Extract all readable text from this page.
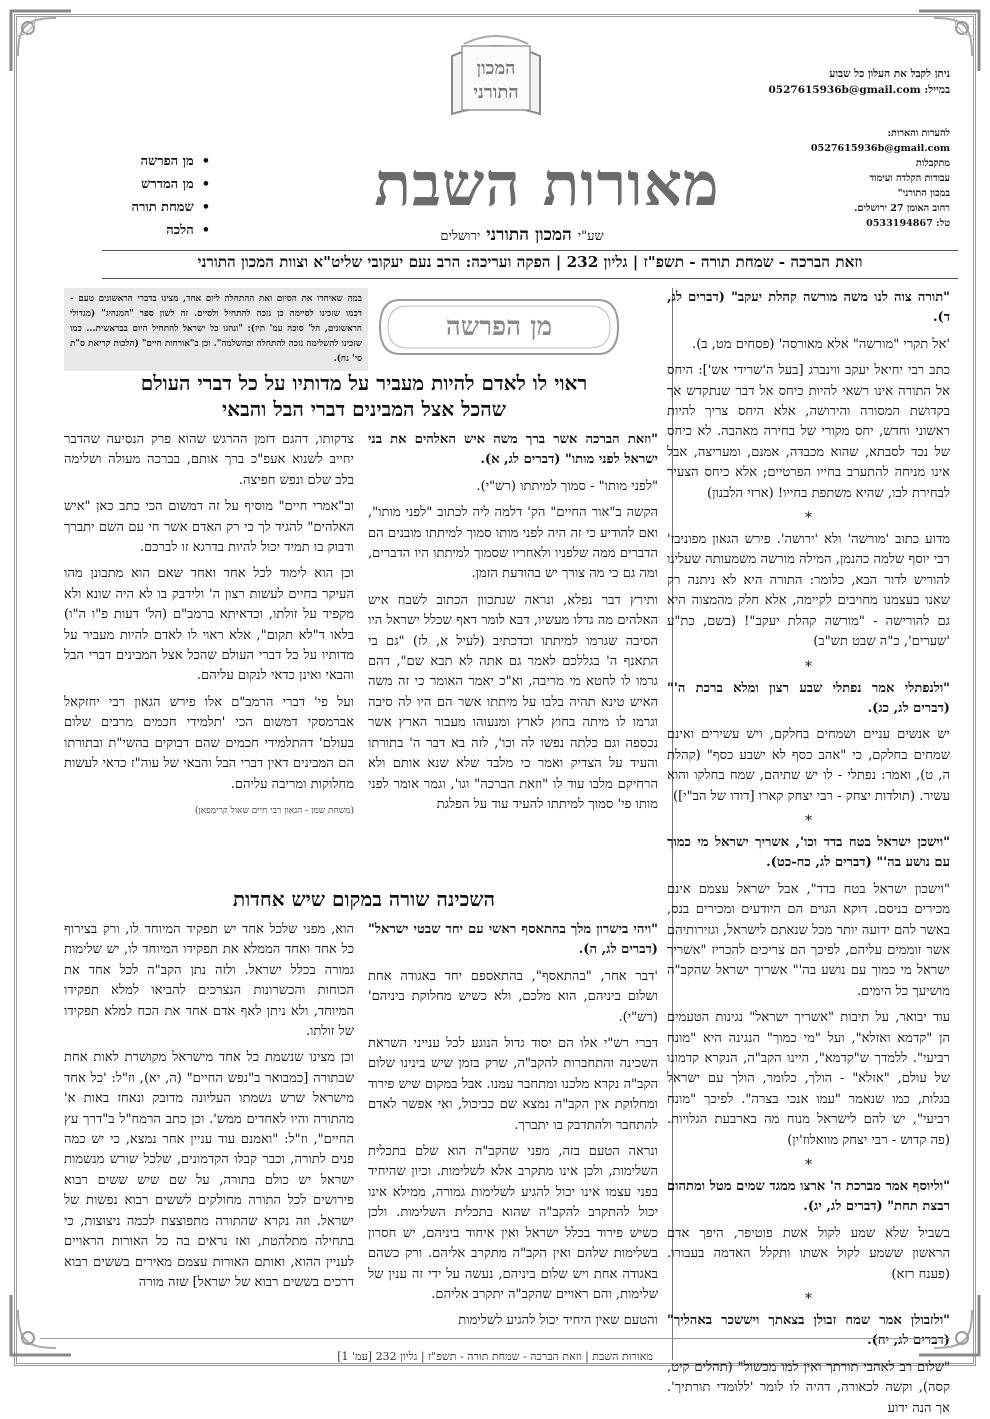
המכון
התורני
ניתן לקבל את העלון כל שבוע
במייל: 0527615936b@gmail.com
להערות והארות:
0527615936b@gmail.com
מתקבלות
עבודות הקלדה ועימוד
במכון התורני"
רחוב האומן 27 ירושלים.
טל: 0533194867
• מן הפרשה
• מן המדרש
• שמחת תורה
• הלכה
מאורות השבת
שע"י המכון התורני ירושלים
וזאת הברכה - שמחת תורה - תשפ"ז | גליון 232 | הפקה ועריכה: הרב נעם יעקובי שליט"א וצוות המכון התורני
במה שאיחדו את הסיום ואת ההתחלה ליום אחד, מצינו בדברי הראשונים טעם - דכמו שזכינו לסיימה כן נזכה להתחיל ולסיים. זה לשון ספר "המנהיג" (מגדולי הראשונים, הל' סוכה עמ' תיז): "ונהגו כל ישראל להתחיל היום בבראשית... כמו שזכינו להשלימה נזכה להתחלה ובהשלמה". וכן ב"אורחות חיים" (הלכות קריאת ס"ת סי' נח).
מן הפרשה
ראוי לו לאדם להיות מעביר על מדותיו על כל דברי העולם
שהכל אצל המבינים דברי הבל והבאי

"וזאת הברכה אשר ברך משה איש האלהים את בני ישראל לפני מותו" (דברים לג, א).

"לפני מותו" - סמוך למיתתו (רש"י).

הקשה ב"אור החיים" הק' דלמה ליה לכתוב "לפני מותו", ואם להודיע כי זה היה לפני מותו סמוך למיתתו מובנים הם הדברים ממה שלפניו ולאחריו שסמוך למיתתו היו הדברים, ומה גם כי מה צורך יש בהודעת הזמן.

ותירץ דבר נפלא, ונראה שנתכוון הכתוב לשבח איש האלהים מה גדלו מעשיו, דבא לומר דאף שכלל ישראל היו הסיבה שגרמו למיתתו וכדכתיב (לעיל א, לז) "גם בי התאנף ה' בגללכם לאמר גם אתה לא תבא שם", דהם גרמו לו לחטא מי מריבה, וא"כ יאמר האומר כי זה משה האיש טינא תהיה בלבו על מיתתו אשר הם היו לה סיבה וגרמו לו מיתה בחוץ לארץ ומנעוהו מעבור הארץ אשר נכספה וגם כלתה נפשו לה וכו', לזה בא דבר ה' בתורתו והעיד על הצדיק ואמר כי מלבד שלא שנא אותם ולא הרחיקם מלבו עוד לו "וזאת הברכה" וגו', וגמר אומר לפני מותו פי' סמוך למיתתו להעיד עוד על הפלגת

צדקותו, דהגם דזמן ההרגש שהוא פרק הנסיעה שהדבר יחייב לשנוא אעפ"כ ברך אותם, בברכה מעולה ושלימה בלב שלם ונפש חפיצה.

וב"אמרי חיים" מוסיף על זה דמשום הכי כתב כאן "איש האלהים" להגיד לך כי רק האדם אשר חי עם השם יתברך ודבוק בו תמיד יכול להיות בדרגא זו לברכם.

וכן הוא לימוד לכל אחד ואחד שאם הוא מתבונן מהו העיקר בחיים לעשות רצון ה' ולידבק בו לא היה שונא ולא מקפיד על זולתו, וכדאיתא ברמב"ם (הל' דעות פ"ו ה"ו) בלאו ד"לא תקום", אלא ראוי לו לאדם להיות מעביר על מדותיו על כל דברי העולם שהכל אצל המבינים דברי הבל והבאי ואינן כדאי לנקום עליהם.

ועל פי' דברי הרמב"ם אלו פירש הגאון רבי יחזקאל אברמסקי דמשום הכי 'תלמידי חכמים מרבים שלום בעולם' דהתלמידי חכמים שהם דבוקים בהשי"ת ובתורתו הם המבינים דאין דברי הבל והבאי של עוה"ז כדאי לעשות מחלוקות ומריבה עליהם.

(משחת שמן - הגאון רבי חיים שאול קרימפאן)

השכינה שורה במקום שיש אחדות

"ויהי בישרון מלך בהתאסף ראשי עם יחד שבטי ישראל" (דברים לג, ה).

'דבר אחר, "בהתאסף", בהתאספם יחד באגודה אחת ושלום ביניהם, הוא מלכם, ולא כשיש מחלוקת ביניהם' (רש"י).

דברי רש"י אלו הם יסוד גדול הנוגע לכל ענייני השראת השכינה והתחברות להקב"ה, שרק בזמן שיש בינינו שלום הקב"ה נקרא מלכנו ומתחבר עמנו. אבל במקום שיש פירוד ומחלוקת אין הקב"ה נמצא שם כביכול, ואי אפשר לאדם להתחבר ולהתדבק בו יתברך.

ונראה הטעם בזה, מפני שהקב"ה הוא שלם בתכלית השלימות, ולכן אינו מתקרב אלא לשלימות. וכיון שהיחיד בפני עצמו אינו יכול להגיע לשלימות גמורה, ממילא אינו יכול להתקרב להקב"ה שהוא בתכלית השלימות. ולכן כשיש פירוד בכלל ישראל ואין איחוד ביניהם, יש חסרון בשלימות שלהם ואין הקב"ה מתקרב אליהם. ורק כשהם באגודה אחת ויש שלום ביניהם, נעשה על ידי זה ענין של שלימות, והם ראויים שהקב"ה יתקרב אליהם.

והטעם שאין היחיד יכול להגיע לשלימות

הוא, מפני שלכל אחד יש תפקיד המיוחד לו, ורק בצירוף כל אחד ואחד הממלא את תפקידו המיוחד לו, יש שלימות גמורה בכלל ישראל. ולזה נתן הקב"ה לכל אחד את הכוחות והכשרונות הנצרכים להביאו למלא תפקידו המיוחד, ולא ניתן לאף אדם אחד את הכח למלא תפקידו של זולתו.

וכן מצינו שנשמת כל אחד מישראל מקושרת לאות אחת שבתורה [כמבואר ב"נפש החיים" (ה, יא), וז"ל: 'כל אחד מישראל שרש נשמתו העליונה מדובק ונאחז באות א' מהתורה והיו לאחדים ממש'. וכן כתב הרמח"ל ב"דרך עץ החיים", וז"ל: "ואמנם עוד עניין אחר נמצא, כי יש כמה פנים לתורה, וכבר קבלו הקדמונים, שלכל שורש מנשמות ישראל יש כולם בתורה, על שם שיש ששים רבוא פירושים לכל התורה מחולקים לששים רבוא נפשות של ישראל. וזה נקרא שהתורה מתפוצצת לכמה ניצוצות, כי בתחילה מתלהטת, ואז נראים בה כל האורות הראויים לעניין ההוא, ואותם האורות עצמם מאירים בששים רבוא דרכים בששים רבוא של ישראל] שזה מורה

"תורה צוה לנו משה מורשה קהלת יעקב" (דברים לג, ד).

'אל תקרי "מורשה" אלא מאורסה' (פסחים מט, ב).

כתב רבי יחיאל יעקב ווינברג [בעל ה'שרידי אש']: היחס אל התורה אינו רשאי להיות כיחס אל דבר שנתקדש אך בקדושת המסורה והירושה, אלא היחס צריך להיות ראשוני וחדש, יחס מקורי של בחירה מאהבה. לא כיחס של נכד לסבתא, שהוא מכבדה, אמנם, ומעריצה, אבל אינו מניחה להתערב בחייו הפרטיים; אלא כיחס הצעיר לבחירת לבו, שהיא משתפת בחייו! (ארזי הלבנון)

*

מדוע כתוב 'מורשה' ולא 'ירושה'. פירש הגאון מפוניבז' רבי יוסף שלמה כהנמן, המילה מורשה משמעותה שעלינו להוריש לדור הבא, כלומר: התורה היא לא ניתנה רק שאנו בעצמנו מחויבים לקיימה, אלא חלק מהמצוה היא גם להורישה - "מורשה קהלת יעקב"! (בשם, כת"ע 'שערים', כ"ה שבט תש"ב)

*

"ולנפתלי אמר נפתלי שבע רצון ומלא ברכת ה'" (דברים לג, כג).

יש אנשים עניים ושמחים בחלקם, ויש עשירים ואינם שמחים בחלקם, כי "אהב כסף לא ישבע כסף" (קהלת ה, ט), ואמר: נפתלי - לו יש שתיהם, שמח בחלקו והוא עשיר. (תולדות יצחק - רבי יצחק קארו [דודו של הב"י])

*

"וישכן ישראל בטח בדד וכו', אשריך ישראל מי כמוך עם נושע בה'" (דברים לג, כח-כט).

"וישכון ישראל בטח בדד", אבל ישראל עצמם אינם מכירים בניסם. דוקא הגוים הם היודעים ומכירים בנס, באשר להם ידועה יותר מכל שנאתם לישראל, וגזירותיהם אשר זוממים עליהם, לפיכך הם צריכים להכריז "אשריך ישראל מי כמוך עם נושע בה'" אשריך ישראל שהקב"ה מושיעך כל הימים.

עוד יבואר, על תיבות "אשריך ישראל" נגינות הטעמים הן "קדמא ואזלא", ועל "מי כמוך" הנגינה היא "מונח רביעי". ללמדך ש"קדמא", היינו הקב"ה, הנקרא קדמונו של עולם, "אזלא" - הולך, כלומר, הולך עם ישראל בגלות, כמו שנאמר "עמו אנכי בצרה". לפיכך "מונח רביעי", יש להם לישראל מנוח מה בארבעת הגלויות. (פה קדוש - רבי יצחק מוואלוז'ין)

*

"וליוסף אמר מברכת ה' ארצו ממגד שמים מטל ומתהום רבצת תחת" (דברים לג, יג).

בשביל שלא שמע לקול אשת פוטיפר, היפך אדם הראשון ששמע לקול אשתו ותקלל האדמה בעבורו. (פענח רזא)

*

"ולזבולן אמר שמח זבולן בצאתך ויששכר באהליך" (דברים לג, יח).

"שלום רב לאהבי תורתך ואין למו מכשול" (תהלים קיט, קסה), וקשה לכאורה, דהיה לו לומר 'ללומדי תורתיך'. אך הנה ידוע

מאורות השבת | וזאת הברכה - שמחת תורה - תשפ"ז | גליון 232 [עמ' 1]
